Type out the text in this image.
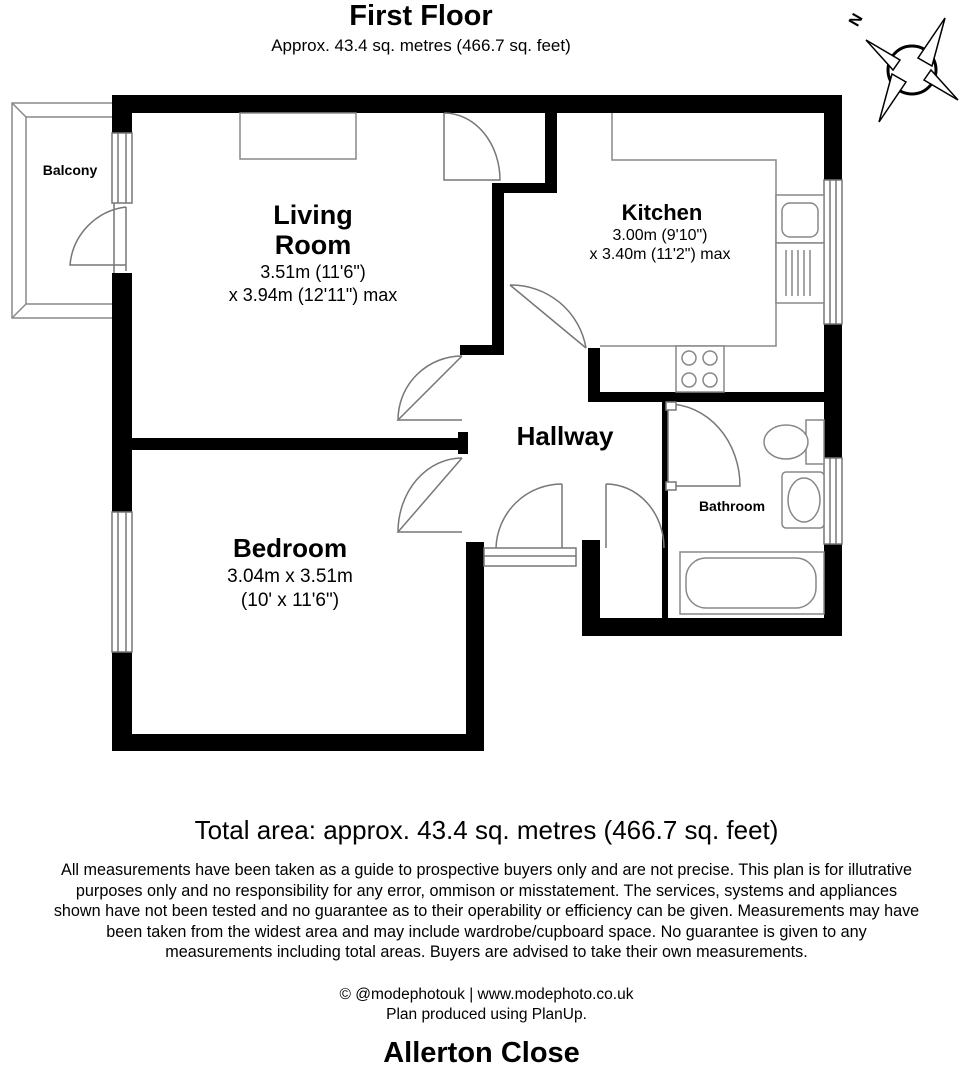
First Floor
Approx. 43.4 sq. metres (466.7 sq. feet)
N
Balcony
Living
Room
3.51m (11'6")
x 3.94m (12'11") max
Kitchen
3.00m (9'10")
x 3.40m (11'2") max
Hallway
Bathroom
Bedroom
3.04m x 3.51m
(10' x 11'6")
Total area: approx. 43.4 sq. metres (466.7 sq. feet)
All measurements have been taken as a guide to prospective buyers only and are not precise. This plan is for illutrative
purposes only and no responsibility for any error, ommison or misstatement. The services, systems and appliances
shown have not been tested and no guarantee as to their operability or efficiency can be given. Measurements may have
been taken from the widest area and may include wardrobe/cupboard space. No guarantee is given to any
measurements including total areas. Buyers are advised to take their own measurements.
© @modephotouk | www.modephoto.co.uk
Plan produced using PlanUp.
Allerton Close
